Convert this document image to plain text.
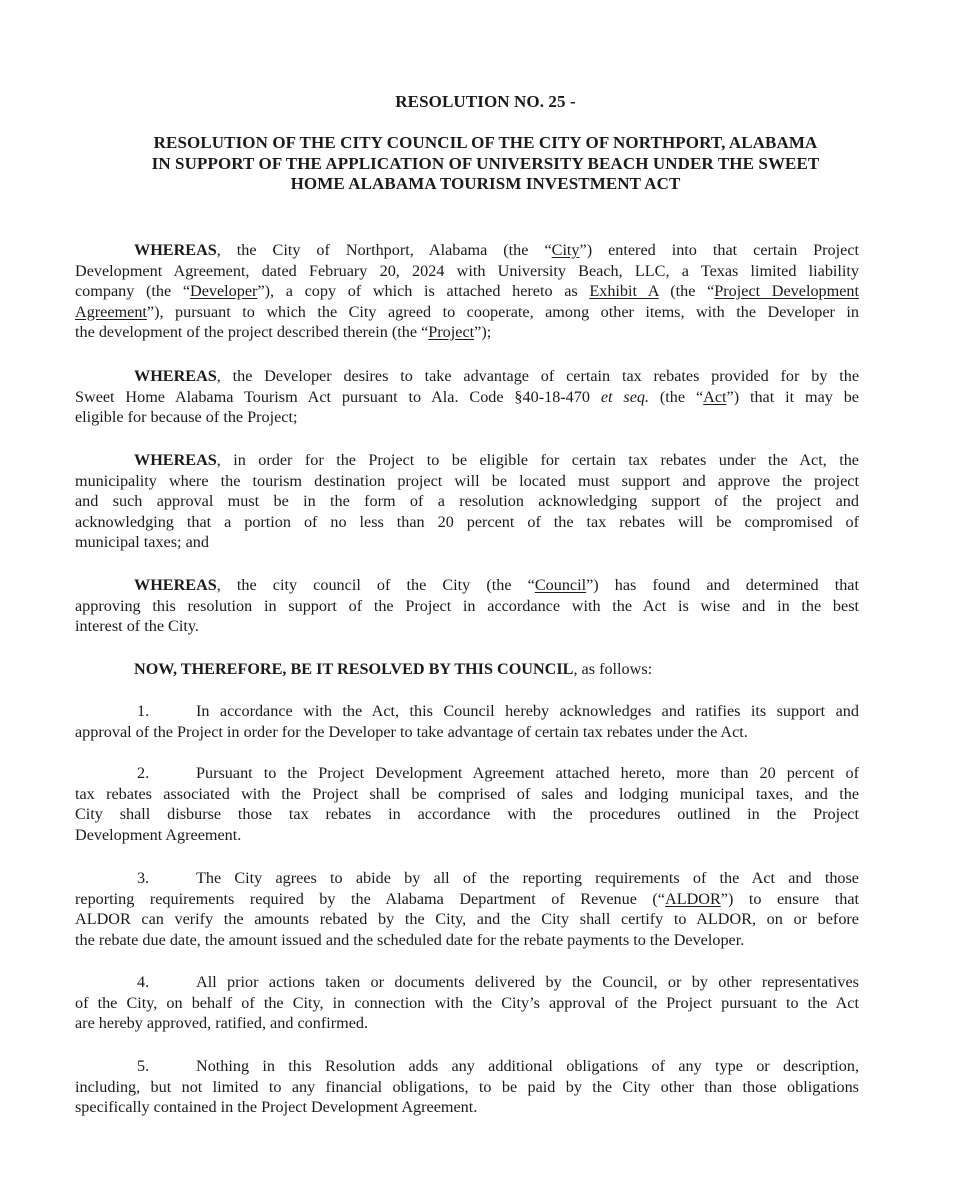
RESOLUTION NO. 25 -
RESOLUTION OF THE CITY COUNCIL OF THE CITY OF NORTHPORT, ALABAMA
IN SUPPORT OF THE APPLICATION OF UNIVERSITY BEACH UNDER THE SWEET
HOME ALABAMA TOURISM INVESTMENT ACT
WHEREAS, the City of Northport, Alabama (the “City”) entered into that certain Project
Development Agreement, dated February 20, 2024 with University Beach, LLC, a Texas limited liability
company (the “Developer”), a copy of which is attached hereto as Exhibit A (the “Project Development
Agreement”), pursuant to which the City agreed to cooperate, among other items, with the Developer in
the development of the project described therein (the “Project”);
WHEREAS, the Developer desires to take advantage of certain tax rebates provided for by the
Sweet Home Alabama Tourism Act pursuant to Ala. Code §40-18-470 et seq. (the “Act”) that it may be
eligible for because of the Project;
WHEREAS, in order for the Project to be eligible for certain tax rebates under the Act, the
municipality where the tourism destination project will be located must support and approve the project
and such approval must be in the form of a resolution acknowledging support of the project and
acknowledging that a portion of no less than 20 percent of the tax rebates will be compromised of
municipal taxes; and
WHEREAS, the city council of the City (the “Council”) has found and determined that
approving this resolution in support of the Project in accordance with the Act is wise and in the best
interest of the City.
NOW, THEREFORE, BE IT RESOLVED BY THIS COUNCIL, as follows:
1.	In accordance with the Act, this Council hereby acknowledges and ratifies its support and
approval of the Project in order for the Developer to take advantage of certain tax rebates under the Act.
2.	Pursuant to the Project Development Agreement attached hereto, more than 20 percent of
tax rebates associated with the Project shall be comprised of sales and lodging municipal taxes, and the
City shall disburse those tax rebates in accordance with the procedures outlined in the Project
Development Agreement.
3.	The City agrees to abide by all of the reporting requirements of the Act and those
reporting requirements required by the Alabama Department of Revenue (“ALDOR”) to ensure that
ALDOR can verify the amounts rebated by the City, and the City shall certify to ALDOR, on or before
the rebate due date, the amount issued and the scheduled date for the rebate payments to the Developer.
4.	All prior actions taken or documents delivered by the Council, or by other representatives
of the City, on behalf of the City, in connection with the City’s approval of the Project pursuant to the Act
are hereby approved, ratified, and confirmed.
5.	Nothing in this Resolution adds any additional obligations of any type or description,
including, but not limited to any financial obligations, to be paid by the City other than those obligations
specifically contained in the Project Development Agreement.
